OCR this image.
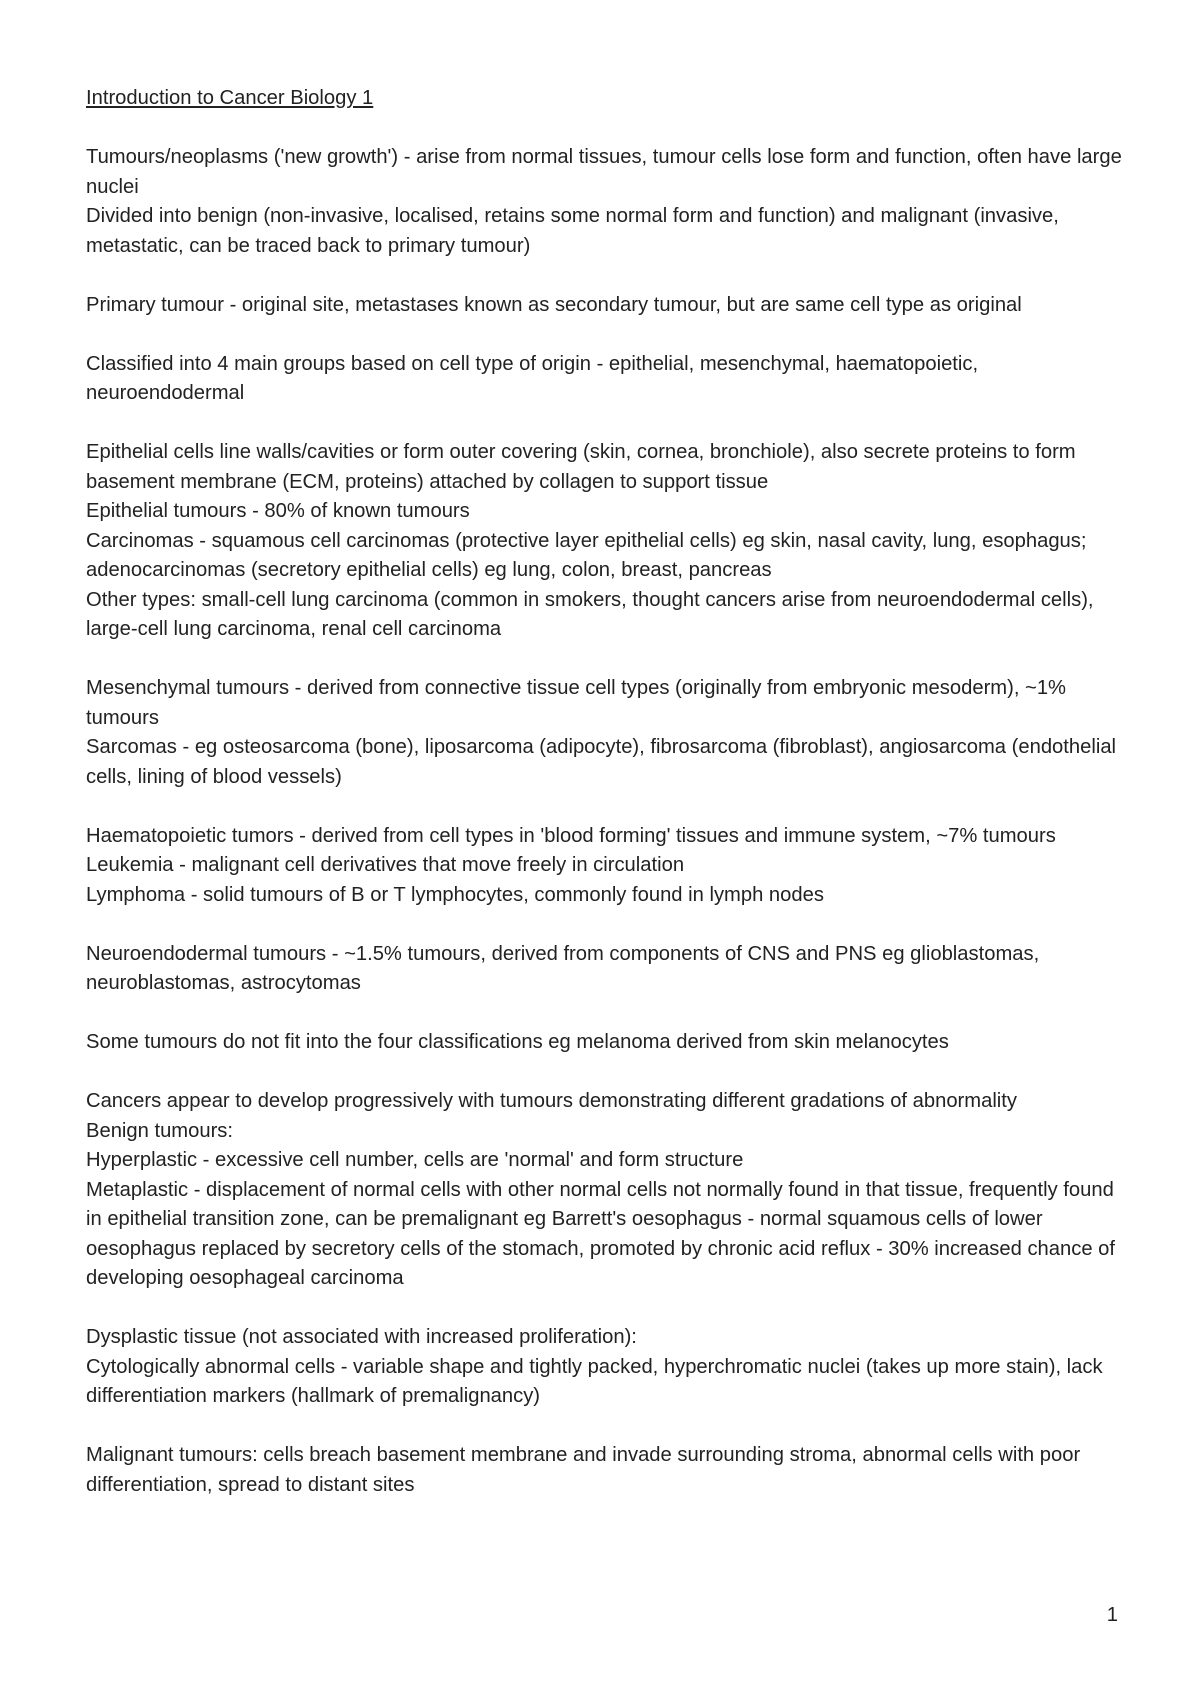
Introduction to Cancer Biology 1

Tumours/neoplasms ('new growth') - arise from normal tissues, tumour cells lose form and function, often have large nuclei

Divided into benign (non-invasive, localised, retains some normal form and function) and malignant (invasive, metastatic, can be traced back to primary tumour)

Primary tumour - original site, metastases known as secondary tumour, but are same cell type as original

Classified into 4 main groups based on cell type of origin - epithelial, mesenchymal, haematopoietic, neuroendodermal

Epithelial cells line walls/cavities or form outer covering (skin, cornea, bronchiole), also secrete proteins to form basement membrane (ECM, proteins) attached by collagen to support tissue

Epithelial tumours - 80% of known tumours

Carcinomas - squamous cell carcinomas (protective layer epithelial cells) eg skin, nasal cavity, lung, esophagus; adenocarcinomas (secretory epithelial cells) eg lung, colon, breast, pancreas

Other types: small-cell lung carcinoma (common in smokers, thought cancers arise from neuroendodermal cells), large-cell lung carcinoma, renal cell carcinoma

Mesenchymal tumours - derived from connective tissue cell types (originally from embryonic mesoderm), ~1% tumours

Sarcomas - eg osteosarcoma (bone), liposarcoma (adipocyte), fibrosarcoma (fibroblast), angiosarcoma (endothelial cells, lining of blood vessels)

Haematopoietic tumors - derived from cell types in 'blood forming' tissues and immune system, ~7% tumours

Leukemia - malignant cell derivatives that move freely in circulation

Lymphoma - solid tumours of B or T lymphocytes, commonly found in lymph nodes

Neuroendodermal tumours - ~1.5% tumours, derived from components of CNS and PNS eg glioblastomas, neuroblastomas, astrocytomas

Some tumours do not fit into the four classifications eg melanoma derived from skin melanocytes

Cancers appear to develop progressively with tumours demonstrating different gradations of abnormality

Benign tumours:

Hyperplastic - excessive cell number, cells are 'normal' and form structure

Metaplastic - displacement of normal cells with other normal cells not normally found in that tissue, frequently found in epithelial transition zone, can be premalignant eg Barrett's oesophagus - normal squamous cells of lower oesophagus replaced by secretory cells of the stomach, promoted by chronic acid reflux - 30% increased chance of developing oesophageal carcinoma

Dysplastic tissue (not associated with increased proliferation):

Cytologically abnormal cells - variable shape and tightly packed, hyperchromatic nuclei (takes up more stain), lack differentiation markers (hallmark of premalignancy)

Malignant tumours: cells breach basement membrane and invade surrounding stroma, abnormal cells with poor differentiation, spread to distant sites

1
